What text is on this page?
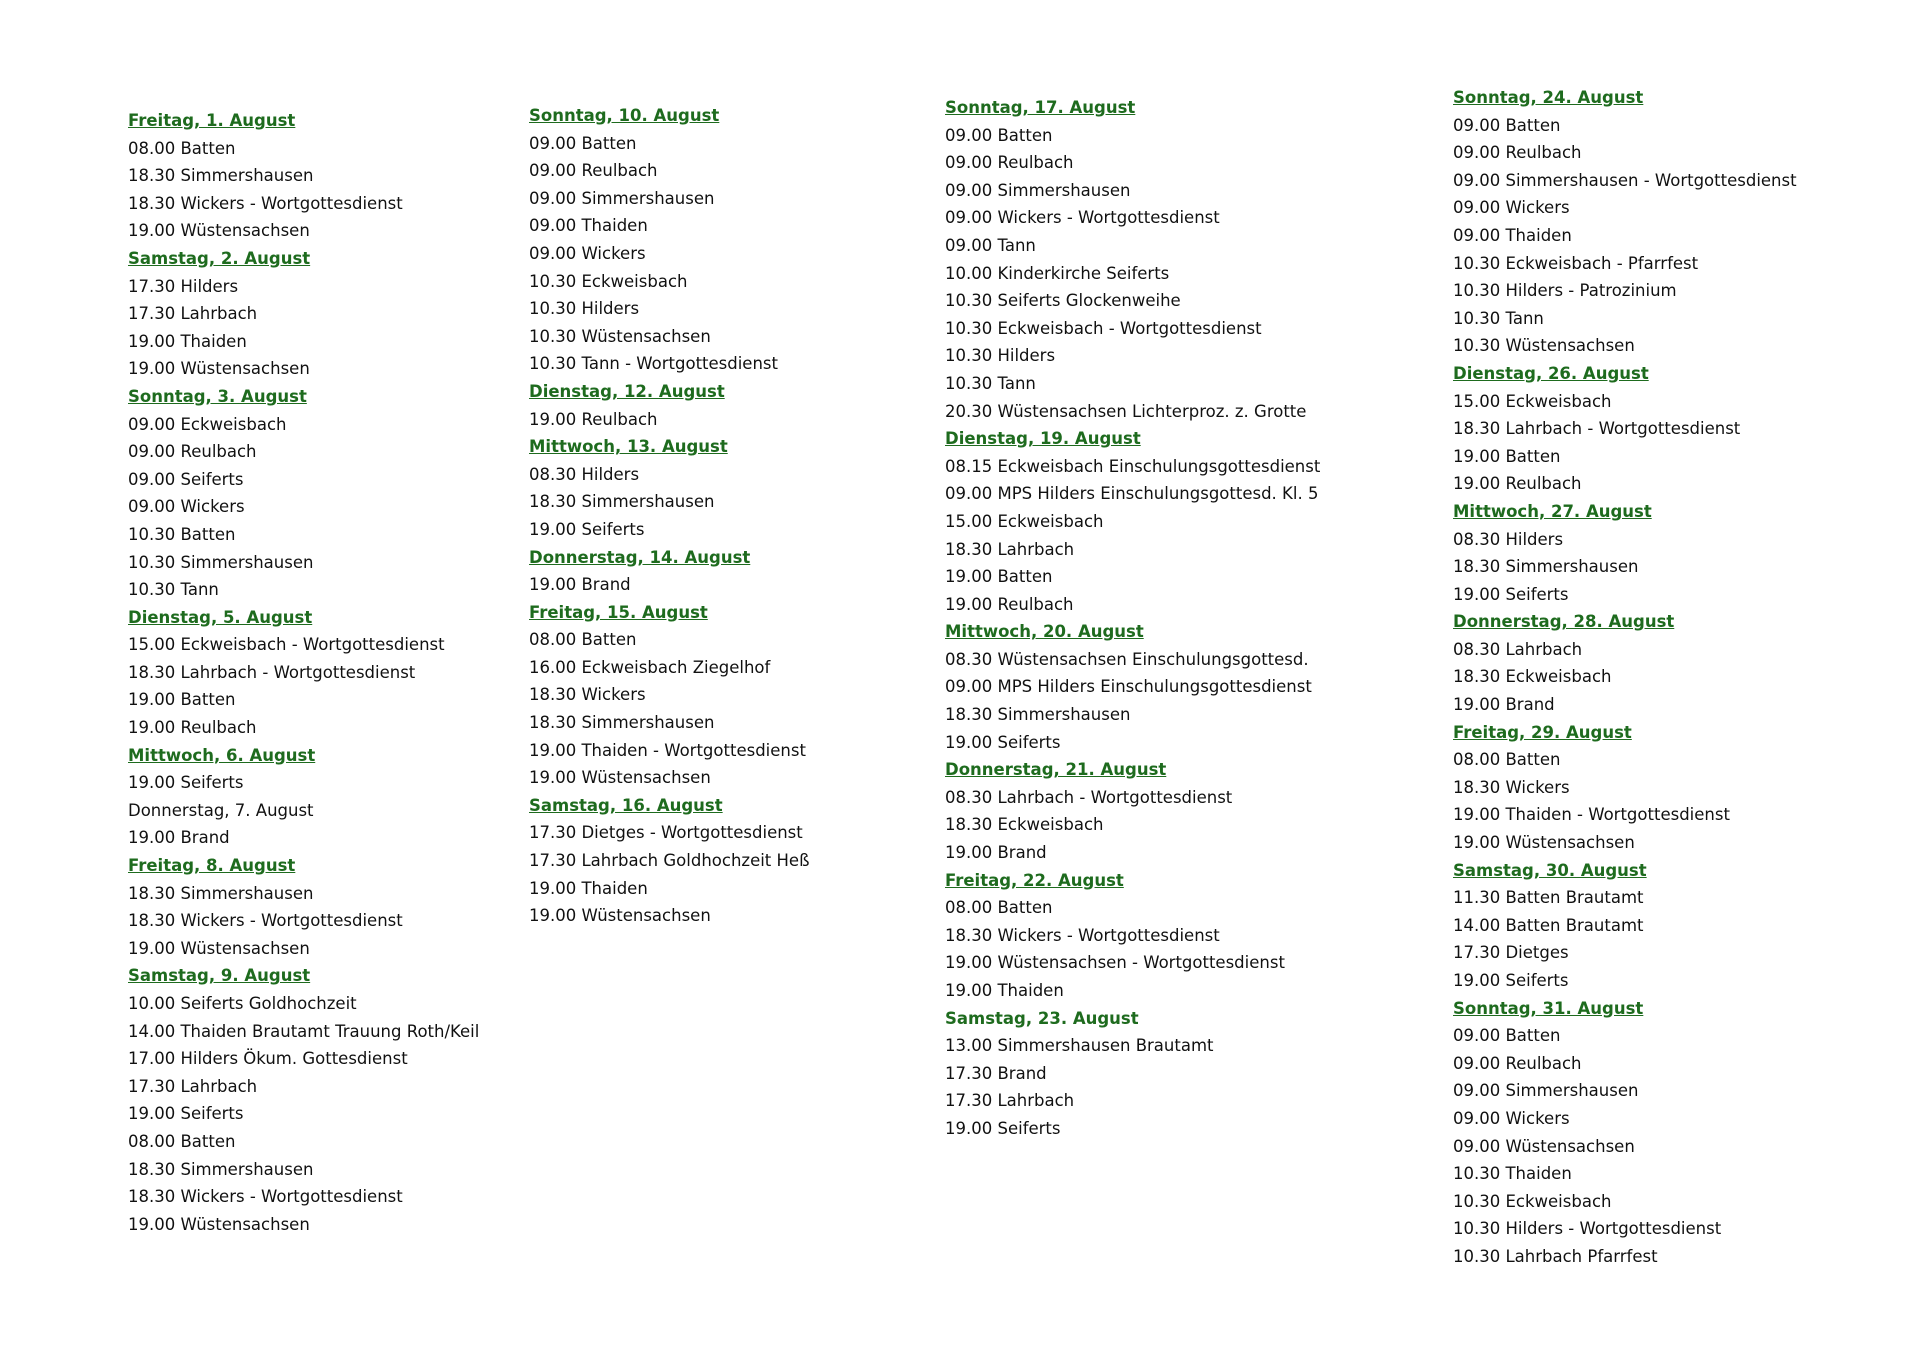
Freitag, 1. August
08.00 Batten
18.30 Simmershausen
18.30 Wickers - Wortgottesdienst
19.00 Wüstensachsen
Samstag, 2. August
17.30 Hilders
17.30 Lahrbach
19.00 Thaiden
19.00 Wüstensachsen
Sonntag, 3. August
09.00 Eckweisbach
09.00 Reulbach
09.00 Seiferts
09.00 Wickers
10.30 Batten
10.30 Simmershausen
10.30 Tann
Dienstag, 5. August
15.00 Eckweisbach - Wortgottesdienst
18.30 Lahrbach - Wortgottesdienst
19.00 Batten
19.00 Reulbach
Mittwoch, 6. August
19.00 Seiferts
Donnerstag, 7. August
19.00 Brand
Freitag, 8. August
18.30 Simmershausen
18.30 Wickers - Wortgottesdienst
19.00 Wüstensachsen
Samstag, 9. August
10.00 Seiferts Goldhochzeit
14.00 Thaiden Brautamt Trauung Roth/Keil
17.00 Hilders Ökum. Gottesdienst
17.30 Lahrbach
19.00 Seiferts
08.00 Batten
18.30 Simmershausen
18.30 Wickers - Wortgottesdienst
19.00 Wüstensachsen
Sonntag, 10. August
09.00 Batten
09.00 Reulbach
09.00 Simmershausen
09.00 Thaiden
09.00 Wickers
10.30 Eckweisbach
10.30 Hilders
10.30 Wüstensachsen
10.30 Tann - Wortgottesdienst
Dienstag, 12. August
19.00 Reulbach
Mittwoch, 13. August
08.30 Hilders
18.30 Simmershausen
19.00 Seiferts
Donnerstag, 14. August
19.00 Brand
Freitag, 15. August
08.00 Batten
16.00 Eckweisbach Ziegelhof
18.30 Wickers
18.30 Simmershausen
19.00 Thaiden - Wortgottesdienst
19.00 Wüstensachsen
Samstag, 16. August
17.30 Dietges - Wortgottesdienst
17.30 Lahrbach Goldhochzeit Heß
19.00 Thaiden
19.00 Wüstensachsen
Sonntag, 17. August
09.00 Batten
09.00 Reulbach
09.00 Simmershausen
09.00 Wickers - Wortgottesdienst
09.00 Tann
10.00 Kinderkirche Seiferts
10.30 Seiferts Glockenweihe
10.30 Eckweisbach - Wortgottesdienst
10.30 Hilders
10.30 Tann
20.30 Wüstensachsen Lichterproz. z. Grotte
Dienstag, 19. August
08.15 Eckweisbach Einschulungsgottesdienst
09.00 MPS Hilders Einschulungsgottesd. Kl. 5
15.00 Eckweisbach
18.30 Lahrbach
19.00 Batten
19.00 Reulbach
Mittwoch, 20. August
08.30 Wüstensachsen Einschulungsgottesd.
09.00 MPS Hilders Einschulungsgottesdienst
18.30 Simmershausen
19.00 Seiferts
Donnerstag, 21. August
08.30 Lahrbach - Wortgottesdienst
18.30 Eckweisbach
19.00 Brand
Freitag, 22. August
08.00 Batten
18.30 Wickers - Wortgottesdienst
19.00 Wüstensachsen - Wortgottesdienst
19.00 Thaiden
Samstag, 23. August
13.00 Simmershausen Brautamt
17.30 Brand
17.30 Lahrbach
19.00 Seiferts
Sonntag, 24. August
09.00 Batten
09.00 Reulbach
09.00 Simmershausen - Wortgottesdienst
09.00 Wickers
09.00 Thaiden
10.30 Eckweisbach - Pfarrfest
10.30 Hilders - Patrozinium
10.30 Tann
10.30 Wüstensachsen
Dienstag, 26. August
15.00 Eckweisbach
18.30 Lahrbach - Wortgottesdienst
19.00 Batten
19.00 Reulbach
Mittwoch, 27. August
08.30 Hilders
18.30 Simmershausen
19.00 Seiferts
Donnerstag, 28. August
08.30 Lahrbach
18.30 Eckweisbach
19.00 Brand
Freitag, 29. August
08.00 Batten
18.30 Wickers
19.00 Thaiden - Wortgottesdienst
19.00 Wüstensachsen
Samstag, 30. August
11.30 Batten Brautamt
14.00 Batten Brautamt
17.30 Dietges
19.00 Seiferts
Sonntag, 31. August
09.00 Batten
09.00 Reulbach
09.00 Simmershausen
09.00 Wickers
09.00 Wüstensachsen
10.30 Thaiden
10.30 Eckweisbach
10.30 Hilders - Wortgottesdienst
10.30 Lahrbach Pfarrfest
